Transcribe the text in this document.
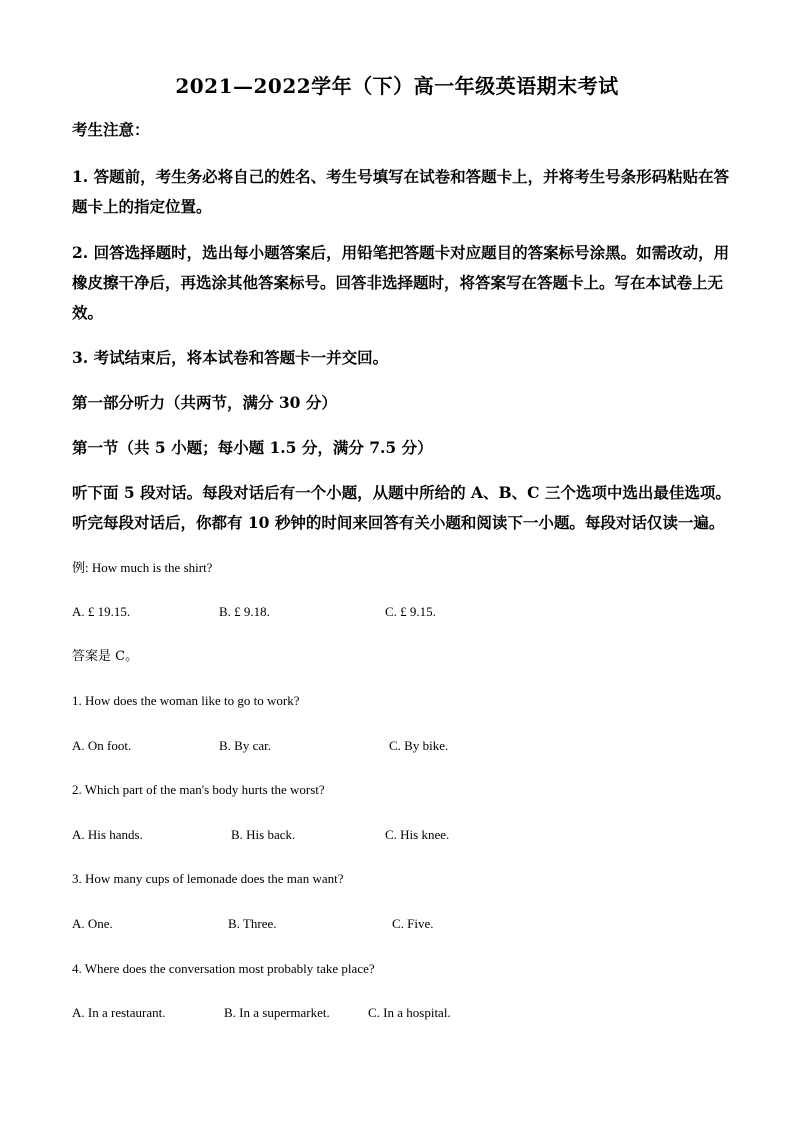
2021—2022学年（下）高一年级英语期末考试
考生注意：
1. 答题前，考生务必将自己的姓名、考生号填写在试卷和答题卡上，并将考生号条形码粘贴在答题卡上的指定位置。
2. 回答选择题时，选出每小题答案后，用铅笔把答题卡对应题目的答案标号涂黑。如需改动，用橡皮擦干净后，再选涂其他答案标号。回答非选择题时，将答案写在答题卡上。写在本试卷上无效。
3. 考试结束后，将本试卷和答题卡一并交回。
第一部分听力（共两节，满分 30 分）
第一节（共 5 小题；每小题 1.5 分，满分 7.5 分）
听下面 5 段对话。每段对话后有一个小题，从题中所给的 A、B、C 三个选项中选出最佳选项。听完每段对话后，你都有 10 秒钟的时间来回答有关小题和阅读下一小题。每段对话仅读一遍。
例: How much is the shirt?
A. £ 19.15.	B. £ 9.18.	C. £ 9.15.
答案是 C。
1. How does the woman like to go to work?
A. On foot.	B. By car.	C. By bike.
2. Which part of the man's body hurts the worst?
A. His hands.	B. His back.	C. His knee.
3. How many cups of lemonade does the man want?
A. One.	B. Three.	C. Five.
4. Where does the conversation most probably take place?
A. In a restaurant.	B. In a supermarket.	C. In a hospital.
